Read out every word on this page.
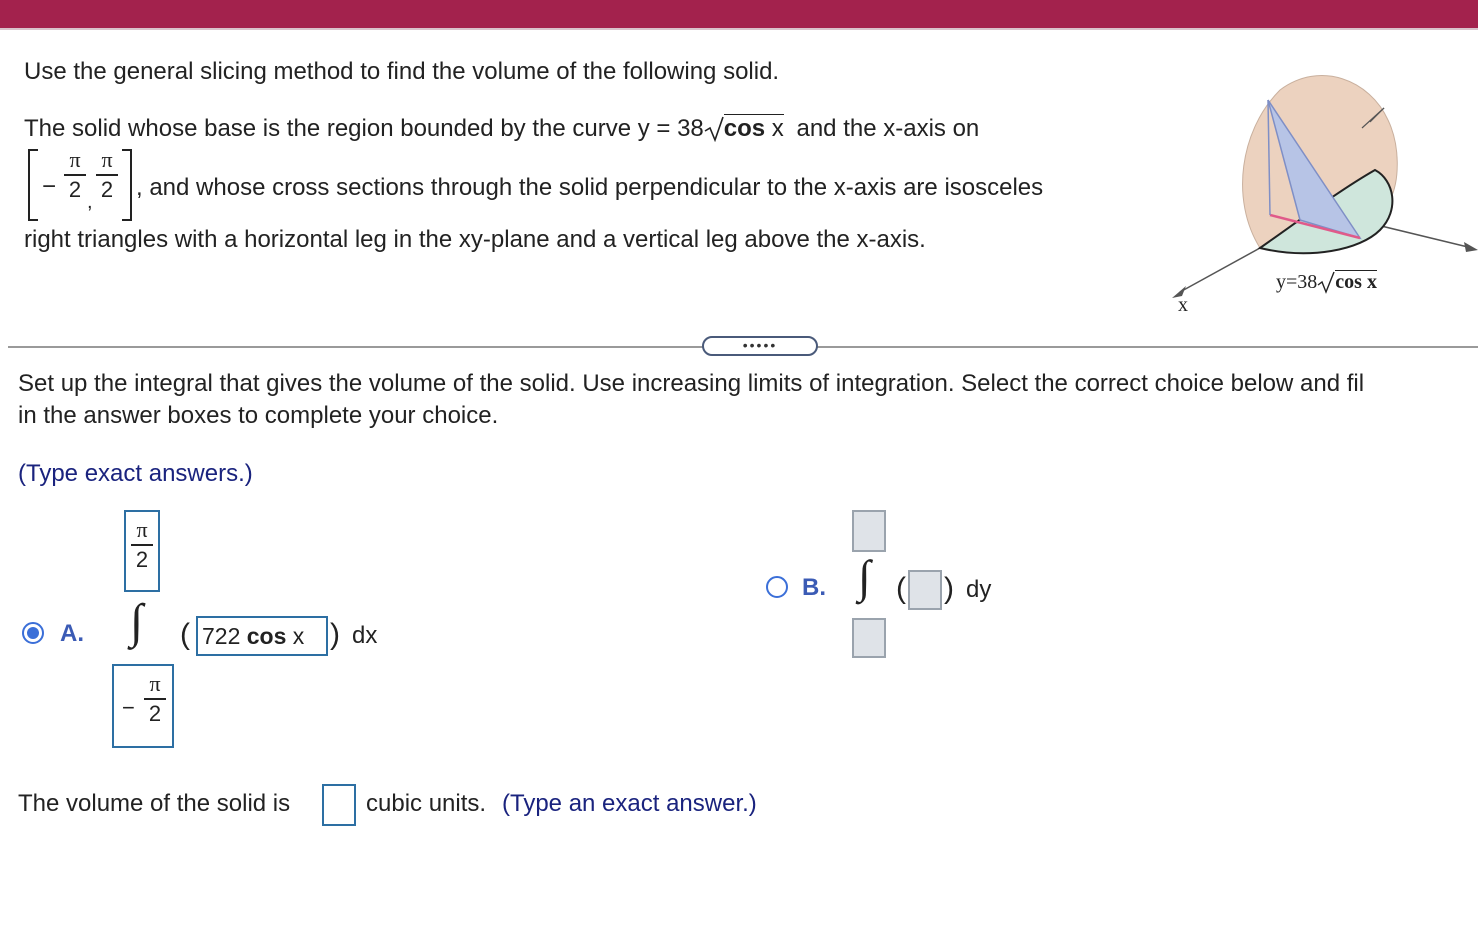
Use the general slicing method to find the volume of the following solid.
The solid whose base is the region bounded by the curve y = 38 cos x and the x-axis on
−
π
2 ,
π
2 , and whose cross sections through the solid perpendicular to the x-axis are isosceles
right triangles with a horizontal leg in the xy-plane and a vertical leg above the x-axis.
x
y=38 cos x
•••••
Set up the integral that gives the volume of the solid. Use increasing limits of integration. Select the correct choice below and fil
in the answer boxes to complete your choice.
(Type exact answers.)
A.
π
2
∫
−
π
2
( 722 cos x ) dx
B. ∫ ( ) dy
The volume of the solid is	cubic units. (Type an exact answer.)
